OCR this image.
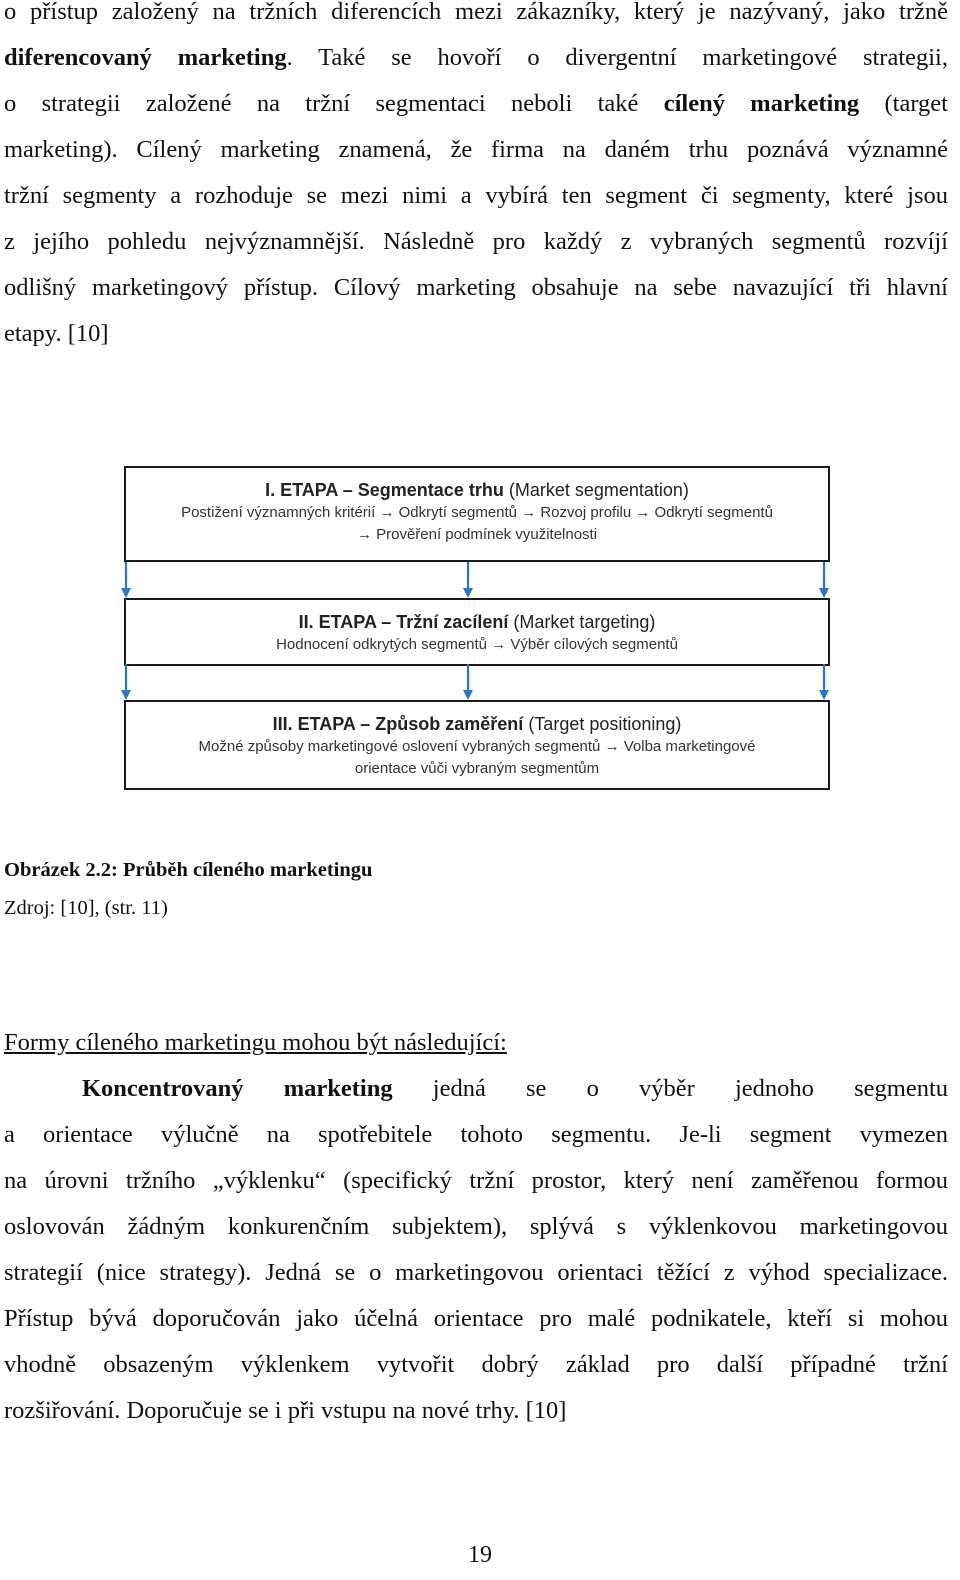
o přístup založený na tržních diferencích mezi zákazníky, který je nazývaný, jako tržně
diferencovaný marketing. Také se hovoří o divergentní marketingové strategii,
o strategii založené na tržní segmentaci neboli také cílený marketing (target
marketing). Cílený marketing znamená, že firma na daném trhu poznává významné
tržní segmenty a rozhoduje se mezi nimi a vybírá ten segment či segmenty, které jsou
z jejího pohledu nejvýznamnější. Následně pro každý z vybraných segmentů rozvíjí
odlišný marketingový přístup. Cílový marketing obsahuje na sebe navazující tři hlavní
etapy. [10]
I. ETAPA – Segmentace trhu (Market segmentation)
Postižení významných kritérií → Odkrytí segmentů → Rozvoj profilu → Odkrytí segmentů
→ Prověření podmínek využitelnosti
II. ETAPA – Tržní zacílení (Market targeting)
Hodnocení odkrytých segmentů → Výběr cílových segmentů
III. ETAPA – Způsob zaměření (Target positioning)
Možné způsoby marketingové oslovení vybraných segmentů → Volba marketingové
orientace vůči vybraným segmentům
Obrázek 2.2: Průběh cíleného marketingu
Zdroj: [10], (str. 11)
Formy cíleného marketingu mohou být následující:
Koncentrovaný marketing jedná se o výběr jednoho segmentu
a orientace výlučně na spotřebitele tohoto segmentu. Je-li segment vymezen
na úrovni tržního „výklenku“ (specifický tržní prostor, který není zaměřenou formou
oslovován žádným konkurenčním subjektem), splývá s výklenkovou marketingovou
strategií (nice strategy). Jedná se o marketingovou orientaci těžící z výhod specializace.
Přístup bývá doporučován jako účelná orientace pro malé podnikatele, kteří si mohou
vhodně obsazeným výklenkem vytvořit dobrý základ pro další případné tržní
rozšiřování. Doporučuje se i při vstupu na nové trhy. [10]
19
